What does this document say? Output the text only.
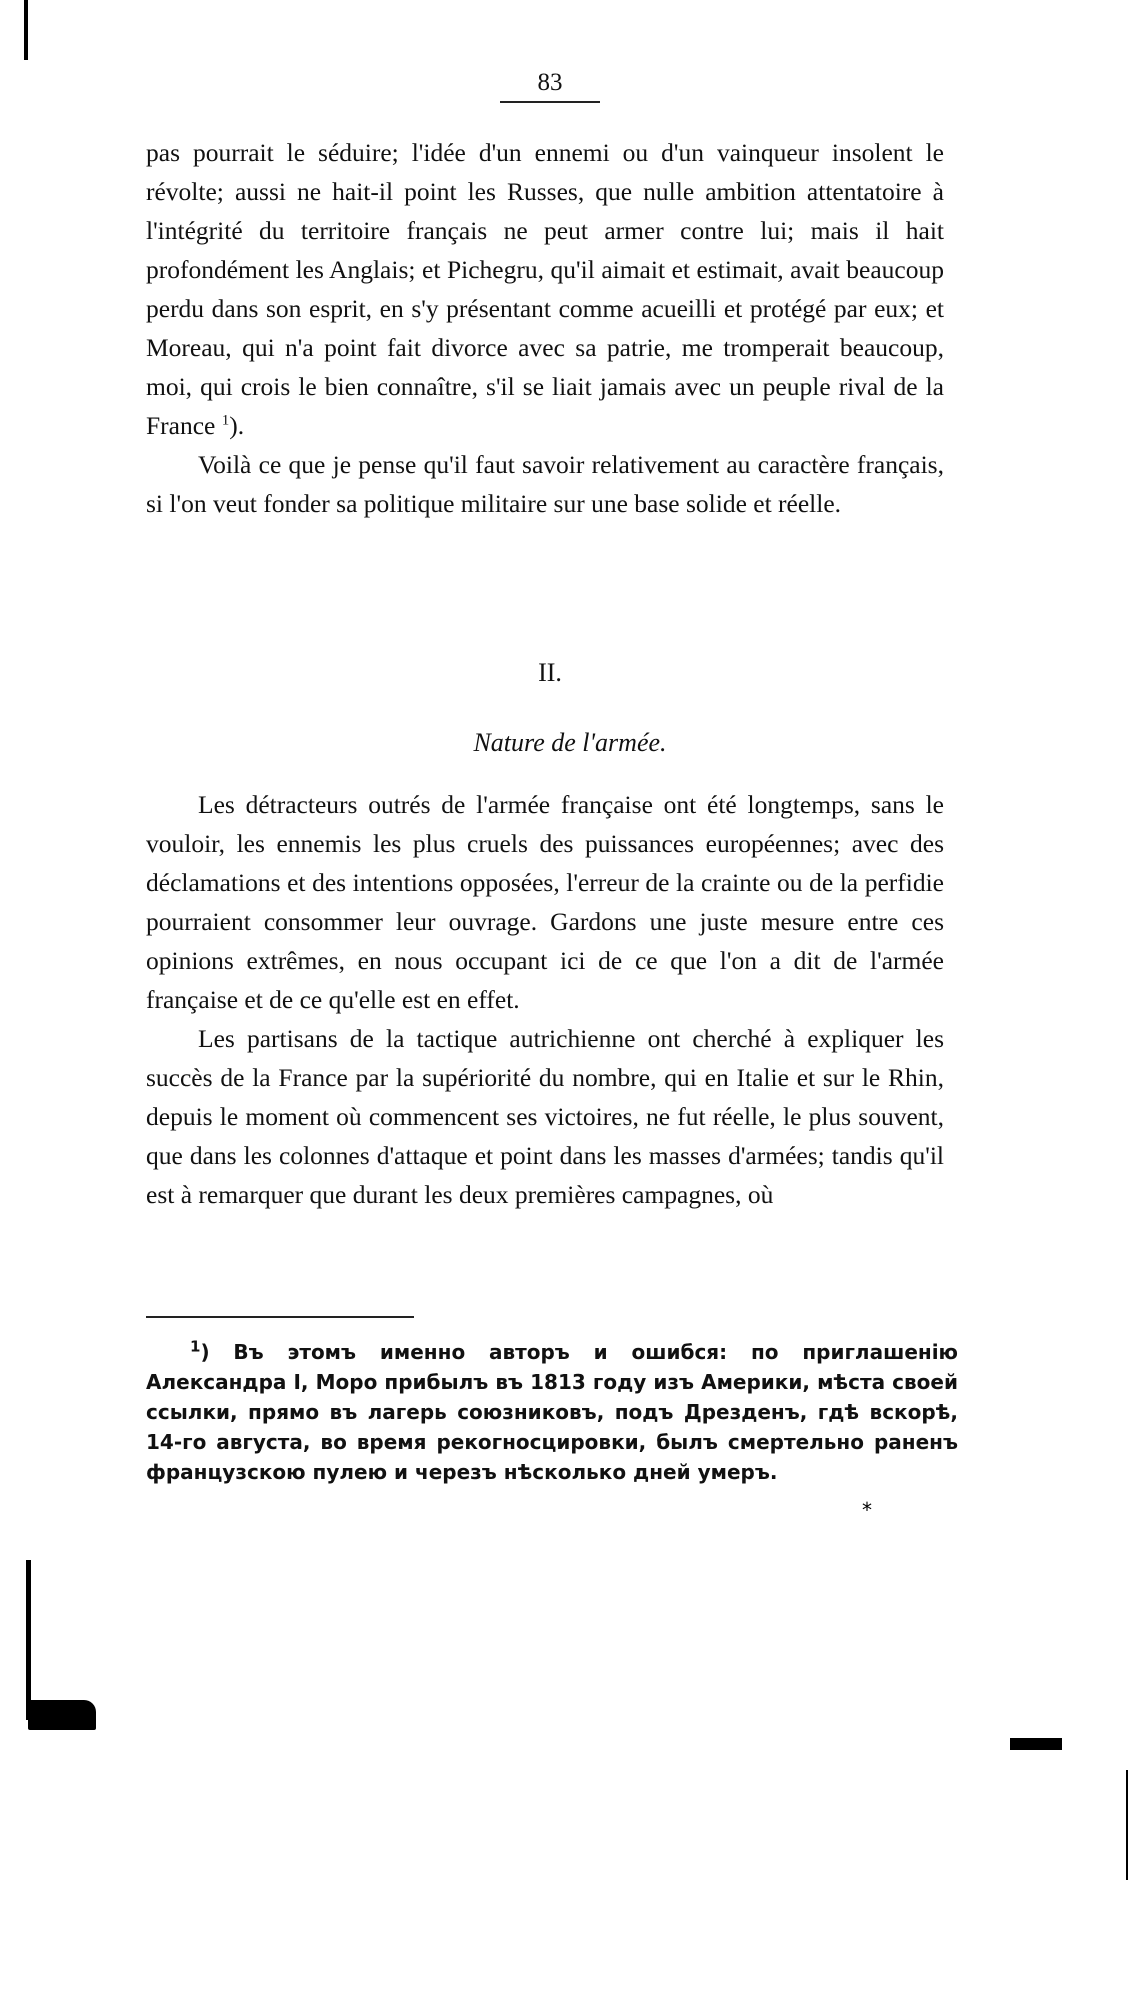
83

pas pourrait le séduire; l'idée d'un ennemi ou d'un vainqueur insolent le révolte; aussi ne hait-il point les Russes, que nulle ambition attentatoire à l'intégrité du territoire français ne peut armer contre lui; mais il hait profondément les Anglais; et Pichegru, qu'il aimait et estimait, avait beaucoup perdu dans son esprit, en s'y présentant comme acueilli et protégé par eux; et Moreau, qui n'a point fait divorce avec sa patrie, me tromperait beaucoup, moi, qui crois le bien connaître, s'il se liait jamais avec un peuple rival de la France $^1$).

Voilà ce que je pense qu'il faut savoir relativement au caractère français, si l'on veut fonder sa politique militaire sur une base solide et réelle.

II.
Nature de l'armée.

Les détracteurs outrés de l'armée française ont été longtemps, sans le vouloir, les ennemis les plus cruels des puissances européennes; avec des déclamations et des intentions opposées, l'erreur de la crainte ou de la perfidie pourraient consommer leur ouvrage. Gardons une juste mesure entre ces opinions extrêmes, en nous occupant ici de ce que l'on a dit de l'armée française et de ce qu'elle est en effet.

Les partisans de la tactique autrichienne ont cherché à expliquer les succès de la France par la supériorité du nombre, qui en Italie et sur le Rhin, depuis le moment où commencent ses victoires, ne fut réelle, le plus souvent, que dans les colonnes d'attaque et point dans les masses d'armées; tandis qu'il est à remarquer que durant les deux premières campagnes, où

$^1$) Въ этомъ именно авторъ и ошибся: по приглашенію Александра I, Моро прибылъ въ 1813 году изъ Америки, мѣста своей ссылки, прямо въ лагерь союзниковъ, подъ Дрезденъ, гдѣ вскорѣ, 14-го августа, во время рекогносцировки, былъ смертельно раненъ французскою пулею и черезъ нѣсколько дней умеръ.

*
